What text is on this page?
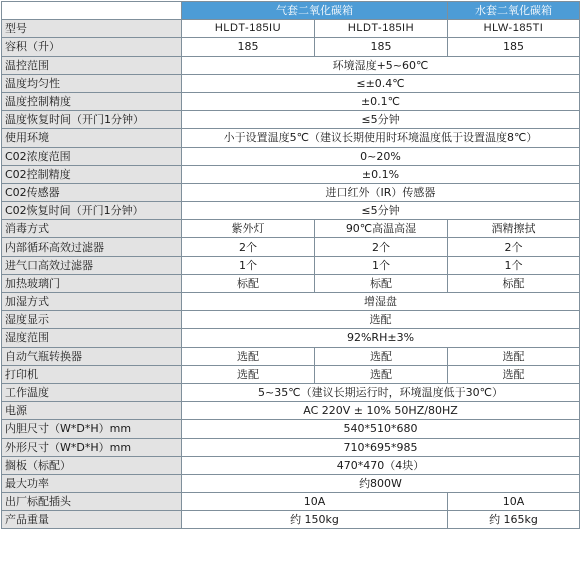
	气套二氧化碳箱		水套二氧化碳箱
型号	HLDT-185IU	HLDT-185IH	HLW-185TI
容积（升）	185	185	185
温控范围	环境湿度+5~60℃		
温度均匀性	≤±0.4℃		
温度控制精度	±0.1℃		
温度恢复时间（开门1分钟）	≤5分钟		
使用环境	小于设置温度5℃（建议长期使用时环境温度低于设置温度8℃）		
C02浓度范围	0~20%		
C02控制精度	±0.1%		
C02传感器	进口红外（IR）传感器		
C02恢复时间（开门1分钟）	≤5分钟		
消毒方式	紫外灯	90℃高温高湿	酒精擦拭
内部循环高效过滤器	2个	2个	2个
进气口高效过滤器	1个	1个	1个
加热玻璃门	标配	标配	标配
加湿方式	增湿盘		
湿度显示	选配		
湿度范围	92%RH±3%		
自动气瓶转换器	选配	选配	选配
打印机	选配	选配	选配
工作温度	5~35℃（建议长期运行时，环境温度低于30℃）		
电源	AC 220V ± 10% 50HZ/80HZ		
内胆尺寸（W*D*H）mm	540*510*680		
外形尺寸（W*D*H）mm	710*695*985		
搁板（标配）	470*470（4块）		
最大功率	约800W		
出厂标配插头	10A		10A
产品重量	约 150kg		约 165kg
